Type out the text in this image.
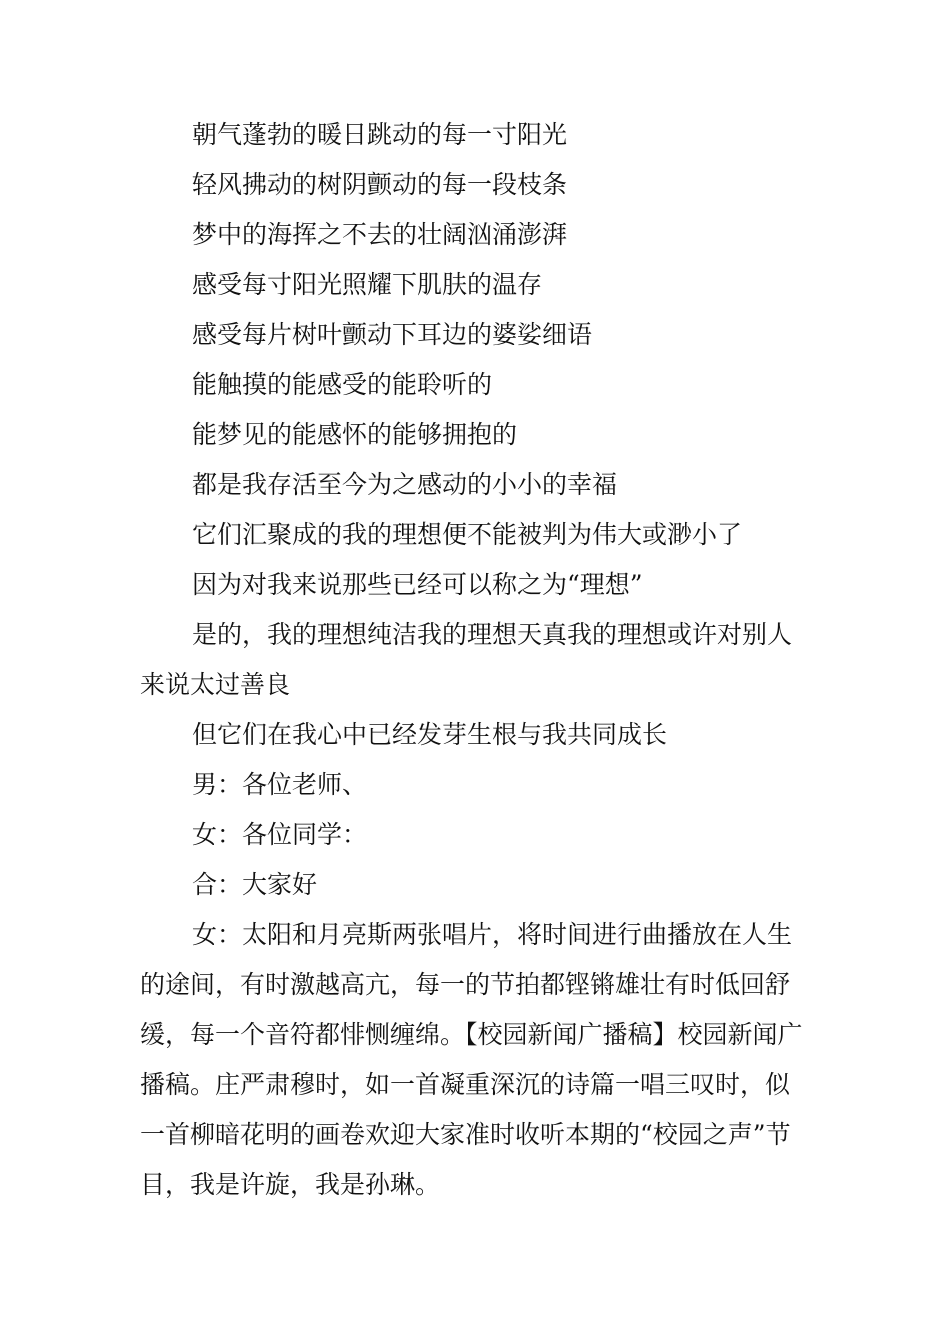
朝气蓬勃的暖日跳动的每一寸阳光

轻风拂动的树阴颤动的每一段枝条

梦中的海挥之不去的壮阔汹涌澎湃

感受每寸阳光照耀下肌肤的温存

感受每片树叶颤动下耳边的婆娑细语

能触摸的能感受的能聆听的

能梦见的能感怀的能够拥抱的

都是我存活至今为之感动的小小的幸福

它们汇聚成的我的理想便不能被判为伟大或渺小了

因为对我来说那些已经可以称之为“理想”

是的，我的理想纯洁我的理想天真我的理想或许对别人来说太过善良

但它们在我心中已经发芽生根与我共同成长

男：各位老师、

女：各位同学：

合：大家好

女：太阳和月亮斯两张唱片，将时间进行曲播放在人生的途间，有时激越高亢，每一的节拍都铿锵雄壮有时低回舒缓，每一个音符都悱恻缠绵。【校园新闻广播稿】校园新闻广播稿。庄严肃穆时，如一首凝重深沉的诗篇一唱三叹时，似一首柳暗花明的画卷欢迎大家准时收听本期的“校园之声”节目，我是许旋，我是孙琳。
